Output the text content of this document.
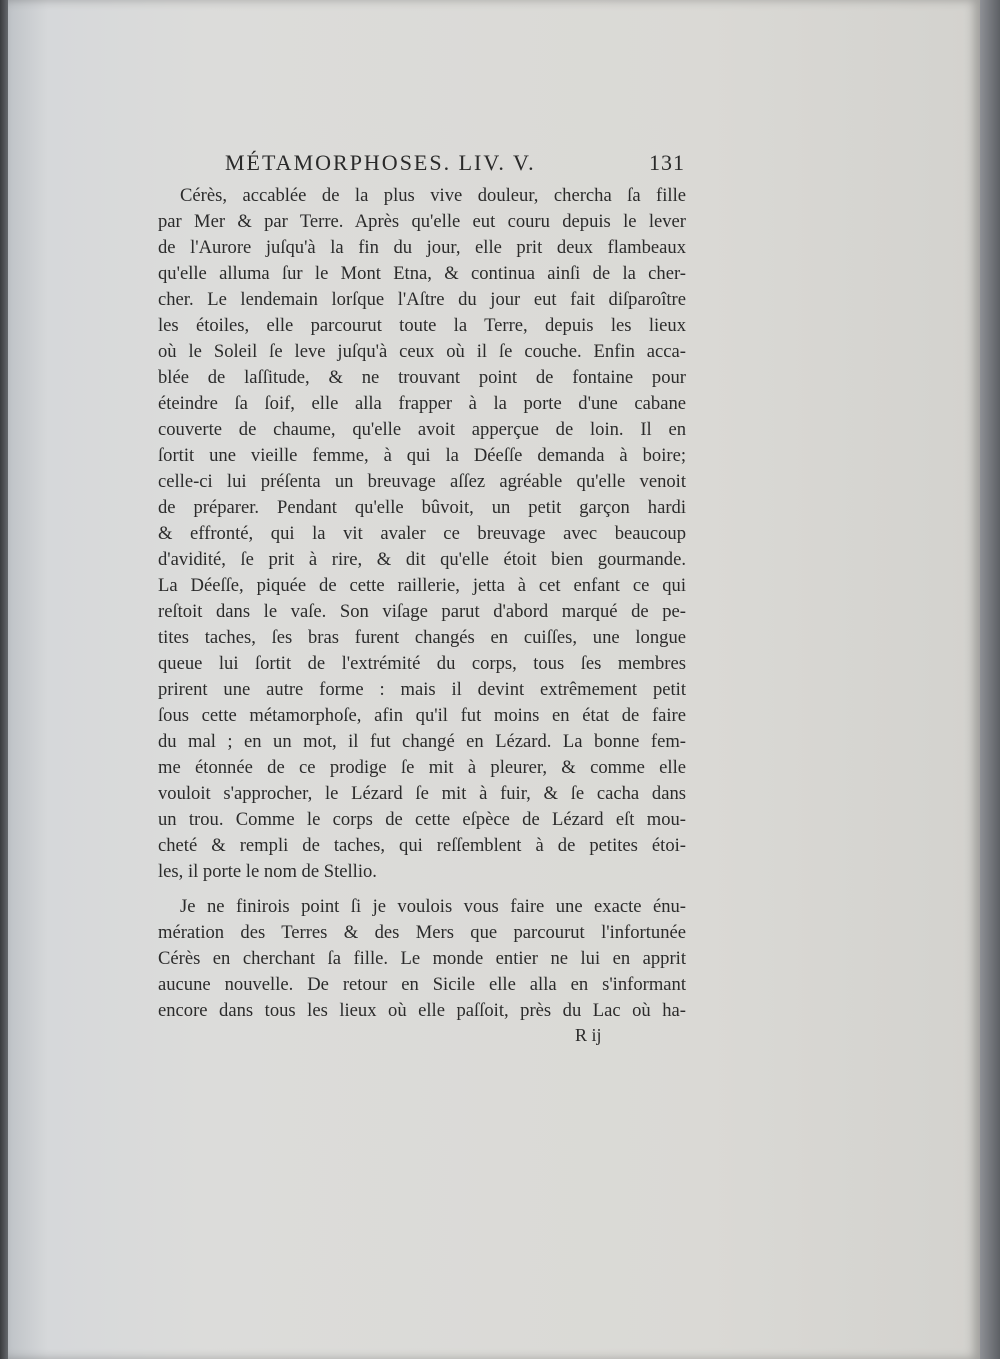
MÉTAMORPHOSES. LIV. V.	131
Cérès, accablée de la plus vive douleur, chercha ſa fille
par Mer & par Terre. Après qu'elle eut couru depuis le lever
de l'Aurore juſqu'à la fin du jour, elle prit deux flambeaux
qu'elle alluma ſur le Mont Etna, & continua ainſi de la cher-
cher. Le lendemain lorſque l'Aſtre du jour eut fait diſparoître
les étoiles, elle parcourut toute la Terre, depuis les lieux
où le Soleil ſe leve juſqu'à ceux où il ſe couche. Enfin acca-
blée de laſſitude, & ne trouvant point de fontaine pour
éteindre ſa ſoif, elle alla frapper à la porte d'une cabane
couverte de chaume, qu'elle avoit apperçue de loin. Il en
ſortit une vieille femme, à qui la Déeſſe demanda à boire;
celle-ci lui préſenta un breuvage aſſez agréable qu'elle venoit
de préparer. Pendant qu'elle bûvoit, un petit garçon hardi
& effronté, qui la vit avaler ce breuvage avec beaucoup
d'avidité, ſe prit à rire, & dit qu'elle étoit bien gourmande.
La Déeſſe, piquée de cette raillerie, jetta à cet enfant ce qui
reſtoit dans le vaſe. Son viſage parut d'abord marqué de pe-
tites taches, ſes bras furent changés en cuiſſes, une longue
queue lui ſortit de l'extrémité du corps, tous ſes membres
prirent une autre forme : mais il devint extrêmement petit
ſous cette métamorphoſe, afin qu'il fut moins en état de faire
du mal ; en un mot, il fut changé en Lézard. La bonne fem-
me étonnée de ce prodige ſe mit à pleurer, & comme elle
vouloit s'approcher, le Lézard ſe mit à fuir, & ſe cacha dans
un trou. Comme le corps de cette eſpèce de Lézard eſt mou-
cheté & rempli de taches, qui reſſemblent à de petites étoi-
les, il porte le nom de Stellio.
Je ne finirois point ſi je voulois vous faire une exacte énu-
mération des Terres & des Mers que parcourut l'infortunée
Cérès en cherchant ſa fille. Le monde entier ne lui en apprit
aucune nouvelle. De retour en Sicile elle alla en s'informant
encore dans tous les lieux où elle paſſoit, près du Lac où ha-
R ij
